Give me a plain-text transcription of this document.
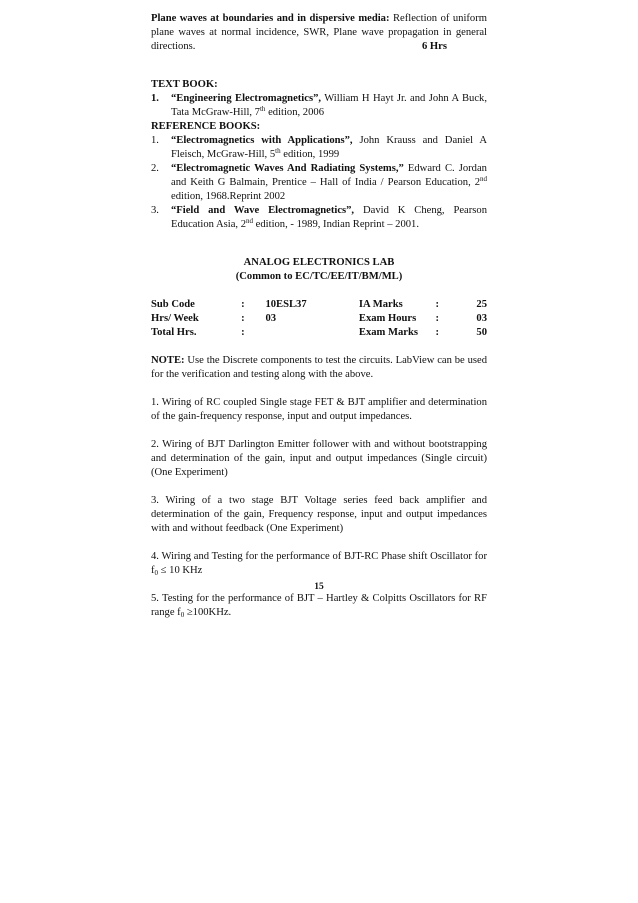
Plane waves at boundaries and in dispersive media: Reflection of uniform plane waves at normal incidence, SWR, Plane wave propagation in general directions.	6 Hrs
TEXT BOOK:
1. “Engineering Electromagnetics”, William H Hayt Jr. and John A Buck, Tata McGraw-Hill, 7th edition, 2006
REFERENCE BOOKS:
1. “Electromagnetics with Applications”, John Krauss and Daniel A Fleisch, McGraw-Hill, 5th edition, 1999
2. “Electromagnetic Waves And Radiating Systems,” Edward C. Jordan and Keith G Balmain, Prentice – Hall of India / Pearson Education, 2nd edition, 1968.Reprint 2002
3. “Field and Wave Electromagnetics”, David K Cheng, Pearson Education Asia, 2nd edition, - 1989, Indian Reprint – 2001.
ANALOG ELECTRONICS LAB
(Common to EC/TC/EE/IT/BM/ML)
Sub Code	:	10ESL37	IA Marks	:	25
Hrs/ Week	:	03	Exam Hours	:	03
Total Hrs.	:		Exam Marks	:	50
NOTE: Use the Discrete components to test the circuits. LabView can be used for the verification and testing along with the above.
1. Wiring of RC coupled Single stage FET & BJT amplifier and determination of the gain-frequency response, input and output impedances.
2. Wiring of BJT Darlington Emitter follower with and without bootstrapping and determination of the gain, input and output impedances (Single circuit) (One Experiment)
3. Wiring of a two stage BJT Voltage series feed back amplifier and determination of the gain, Frequency response, input and output impedances with and without feedback (One Experiment)
4. Wiring and Testing for the performance of BJT-RC Phase shift Oscillator for $f_0 \le 10$ KHz
5. Testing for the performance of BJT – Hartley & Colpitts Oscillators for RF range $f_0 \ge 100KHz$.
15
